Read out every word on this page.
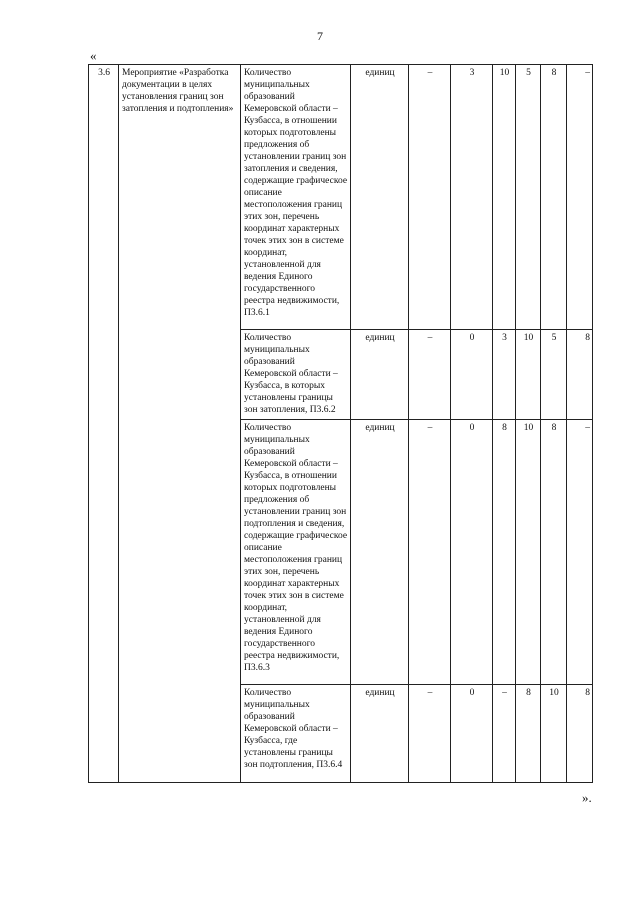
7
«
3.6	Мероприятие «Разработка документации в целях установления границ зон затопления и подтопления»	Количество муниципальных образований Кемеровской области – Кузбасса, в отношении которых подготовлены предложения об установлении границ зон затопления и сведения, содержащие графическое описание местоположения границ этих зон, перечень координат характерных точек этих зон в системе координат, установленной для ведения Единого государственного реестра недвижимости, П3.6.1	единиц	–	3	10	5	8	–
		Количество муниципальных образований Кемеровской области – Кузбасса, в которых установлены границы зон затопления, П3.6.2	единиц	–	0	3	10	5	8
		Количество муниципальных образований Кемеровской области – Кузбасса, в отношении которых подготовлены предложения об установлении границ зон подтопления и сведения, содержащие графическое описание местоположения границ этих зон, перечень координат характерных точек этих зон в системе координат, установленной для ведения Единого государственного реестра недвижимости, П3.6.3	единиц	–	0	8	10	8	–
		Количество муниципальных образований Кемеровской области – Кузбасса, где установлены границы зон подтопления, П3.6.4	единиц	–	0	–	8	10	8
».
